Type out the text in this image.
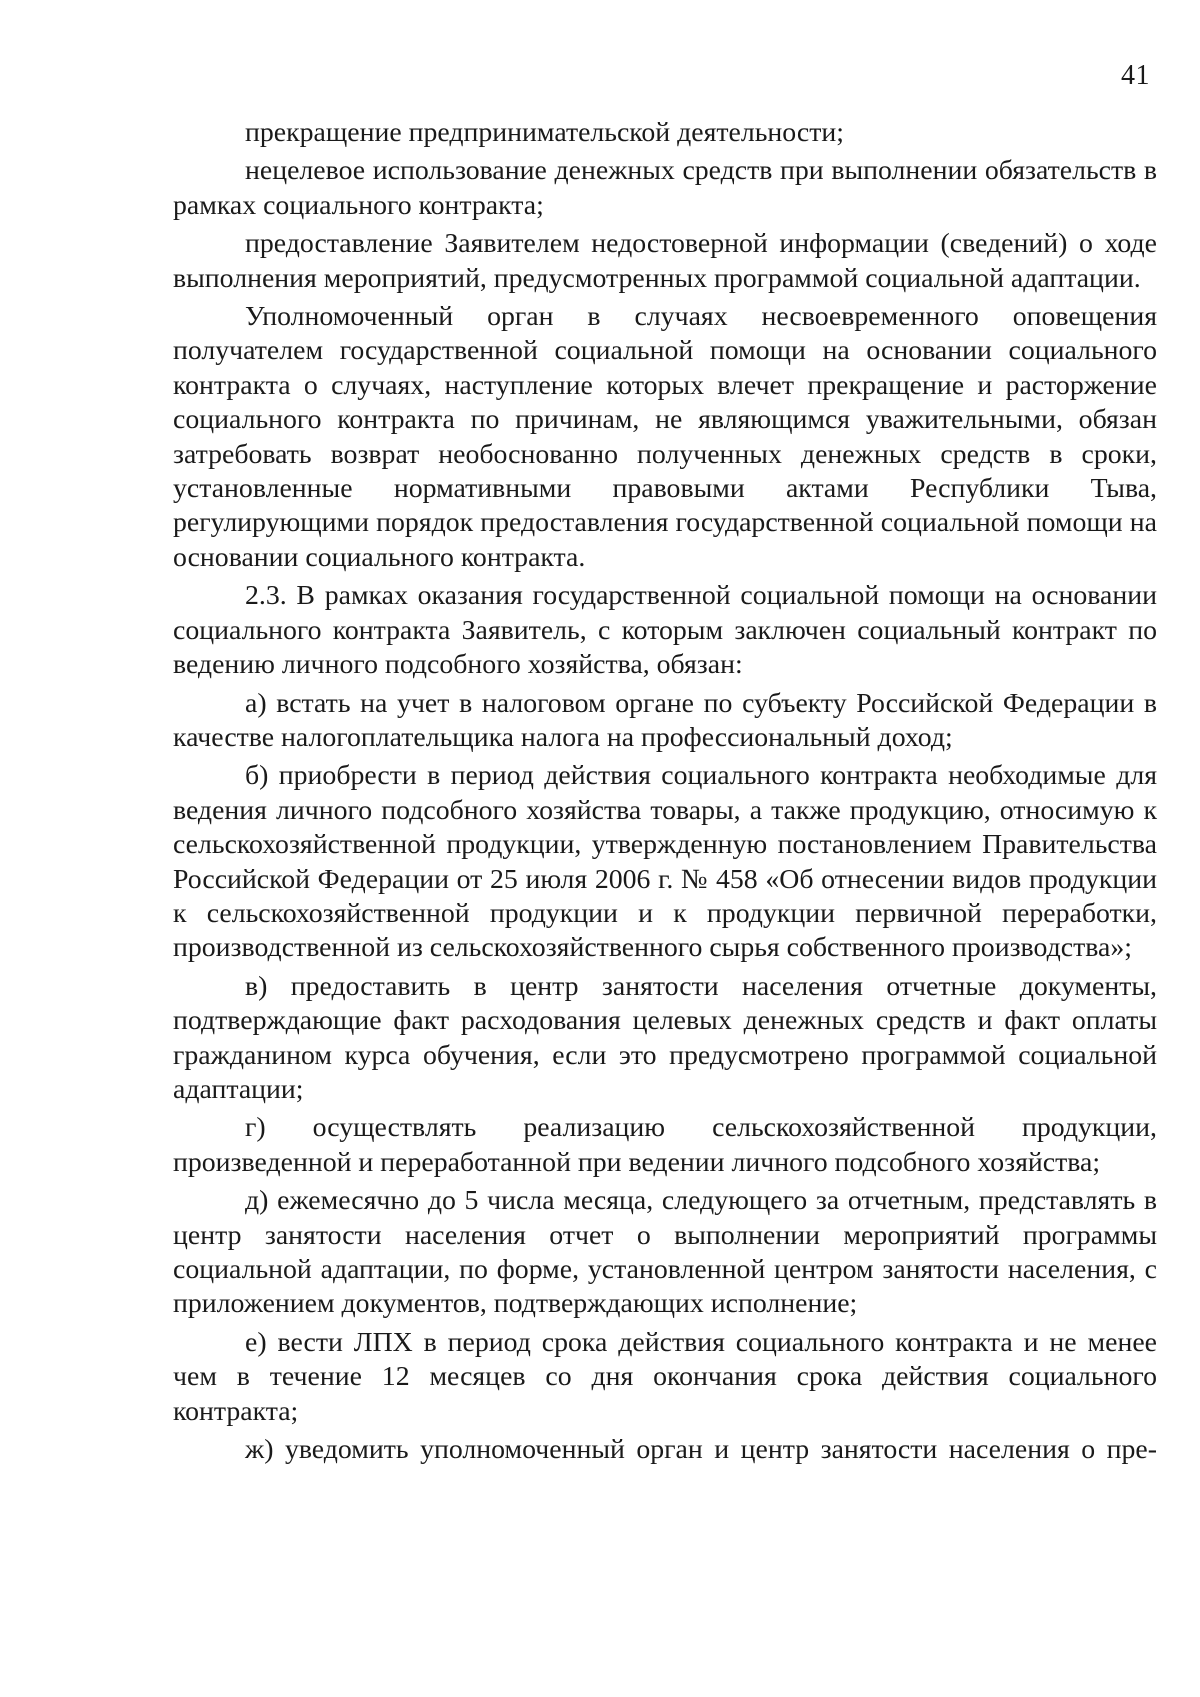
41

прекращение предпринимательской деятельности;

нецелевое использование денежных средств при выполнении обязательств в рамках социального контракта;

предоставление Заявителем недостоверной информации (сведений) о ходе выполнения мероприятий, предусмотренных программой социальной адаптации.

Уполномоченный орган в случаях несвоевременного оповещения получателем государственной социальной помощи на основании социального контракта о случаях, наступление которых влечет прекращение и расторжение социального контракта по причинам, не являющимся уважительными, обязан затребовать возврат необоснованно полученных денежных средств в сроки, установленные нормативными правовыми актами Республики Тыва, регулирующими порядок предоставления государственной социальной помощи на основании социального контракта.

2.3. В рамках оказания государственной социальной помощи на основании социального контракта Заявитель, с которым заключен социальный контракт по ведению личного подсобного хозяйства, обязан:

а) встать на учет в налоговом органе по субъекту Российской Федерации в качестве налогоплательщика налога на профессиональный доход;

б) приобрести в период действия социального контракта необходимые для ведения личного подсобного хозяйства товары, а также продукцию, относимую к сельскохозяйственной продукции, утвержденную постановлением Правительства Российской Федерации от 25 июля 2006 г. № 458 «Об отнесении видов продукции к сельскохозяйственной продукции и к продукции первичной переработки, производственной из сельскохозяйственного сырья собственного производства»;

в) предоставить в центр занятости населения отчетные документы, подтверждающие факт расходования целевых денежных средств и факт оплаты гражданином курса обучения, если это предусмотрено программой социальной адаптации;

г) осуществлять реализацию сельскохозяйственной продукции, произведенной и переработанной при ведении личного подсобного хозяйства;

д) ежемесячно до 5 числа месяца, следующего за отчетным, представлять в центр занятости населения отчет о выполнении мероприятий программы социальной адаптации, по форме, установленной центром занятости населения, с приложением документов, подтверждающих исполнение;

е) вести ЛПХ в период срока действия социального контракта и не менее чем в течение 12 месяцев со дня окончания срока действия социального контракта;

ж) уведомить уполномоченный орган и центр занятости населения о пре-
